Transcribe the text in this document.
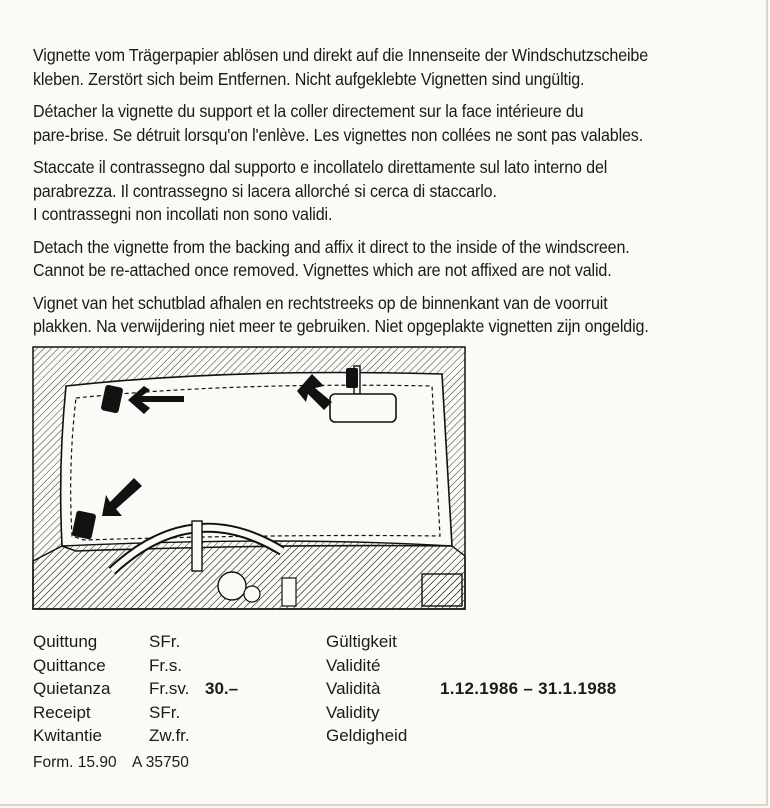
Vignette vom Trägerpapier ablösen und direkt auf die Innenseite der Windschutzscheibe
kleben. Zerstört sich beim Entfernen. Nicht aufgeklebte Vignetten sind ungültig.

Détacher la vignette du support et la coller directement sur la face intérieure du
pare-brise. Se détruit lorsqu'on l'enlève. Les vignettes non collées ne sont pas valables.

Staccate il contrassegno dal supporto e incollatelo direttamente sul lato interno del
parabrezza. Il contrassegno si lacera allorché si cerca di staccarlo.
I contrassegni non incollati non sono validi.

Detach the vignette from the backing and affix it direct to the inside of the windscreen.
Cannot be re-attached once removed. Vignettes which are not affixed are not valid.

Vignet van het schutblad afhalen en rechtstreeks op de binnenkant van de voorruit
plakken. Na verwijdering niet meer te gebruiken. Niet opgeplakte vignetten zijn ongeldig.

Quittung
Quittance
Quietanza
Receipt
Kwitantie
SFr.
Fr.s.
Fr.sv.
SFr.
Zw.fr.
30.–
Gültigkeit
Validité
Validità
Validity
Geldigheid
1.12.1986 – 31.1.1988
Form. 15.90 A 35750
